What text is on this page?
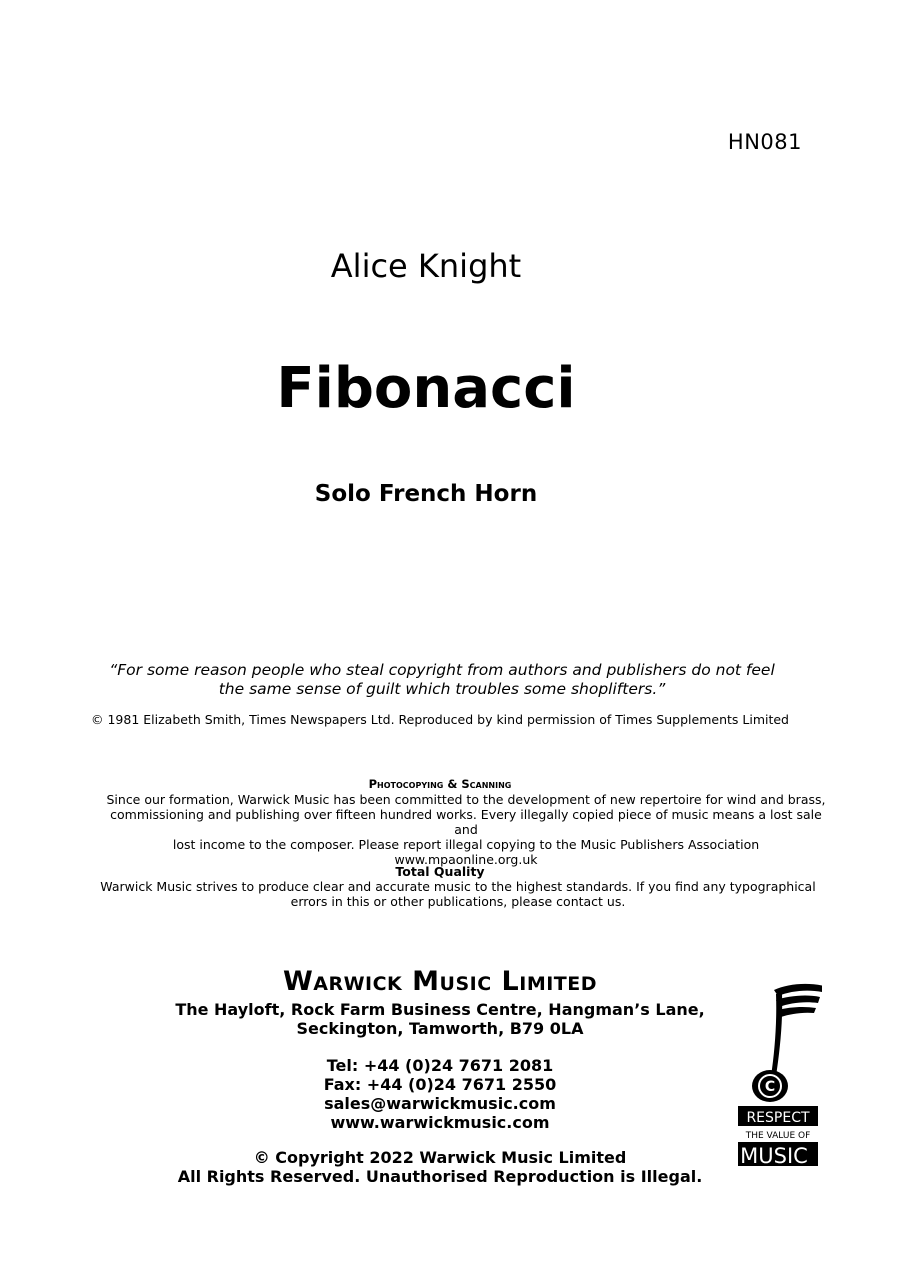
HN081
Alice Knight
Fibonacci
Solo French Horn
“For some reason people who steal copyright from authors and publishers do not feel
the same sense of guilt which troubles some shoplifters.”
© 1981 Elizabeth Smith, Times Newspapers Ltd. Reproduced by kind permission of Times Supplements Limited
Photocopying & Scanning
Since our formation, Warwick Music has been committed to the development of new repertoire for wind and brass,
commissioning and publishing over fifteen hundred works. Every illegally copied piece of music means a lost sale and
lost income to the composer. Please report illegal copying to the Music Publishers Association www.mpaonline.org.uk
Total Quality
Warwick Music strives to produce clear and accurate music to the highest standards. If you find any typographical
errors in this or other publications, please contact us.
Warwick Music Limited
The Hayloft, Rock Farm Business Centre, Hangman’s Lane,
Seckington, Tamworth, B79 0LA
Tel: +44 (0)24 7671 2081
Fax: +44 (0)24 7671 2550
sales@warwickmusic.com
www.warwickmusic.com
© Copyright 2022 Warwick Music Limited
All Rights Reserved. Unauthorised Reproduction is Illegal.
C
RESPECT
THE VALUE OF
MUSIC
